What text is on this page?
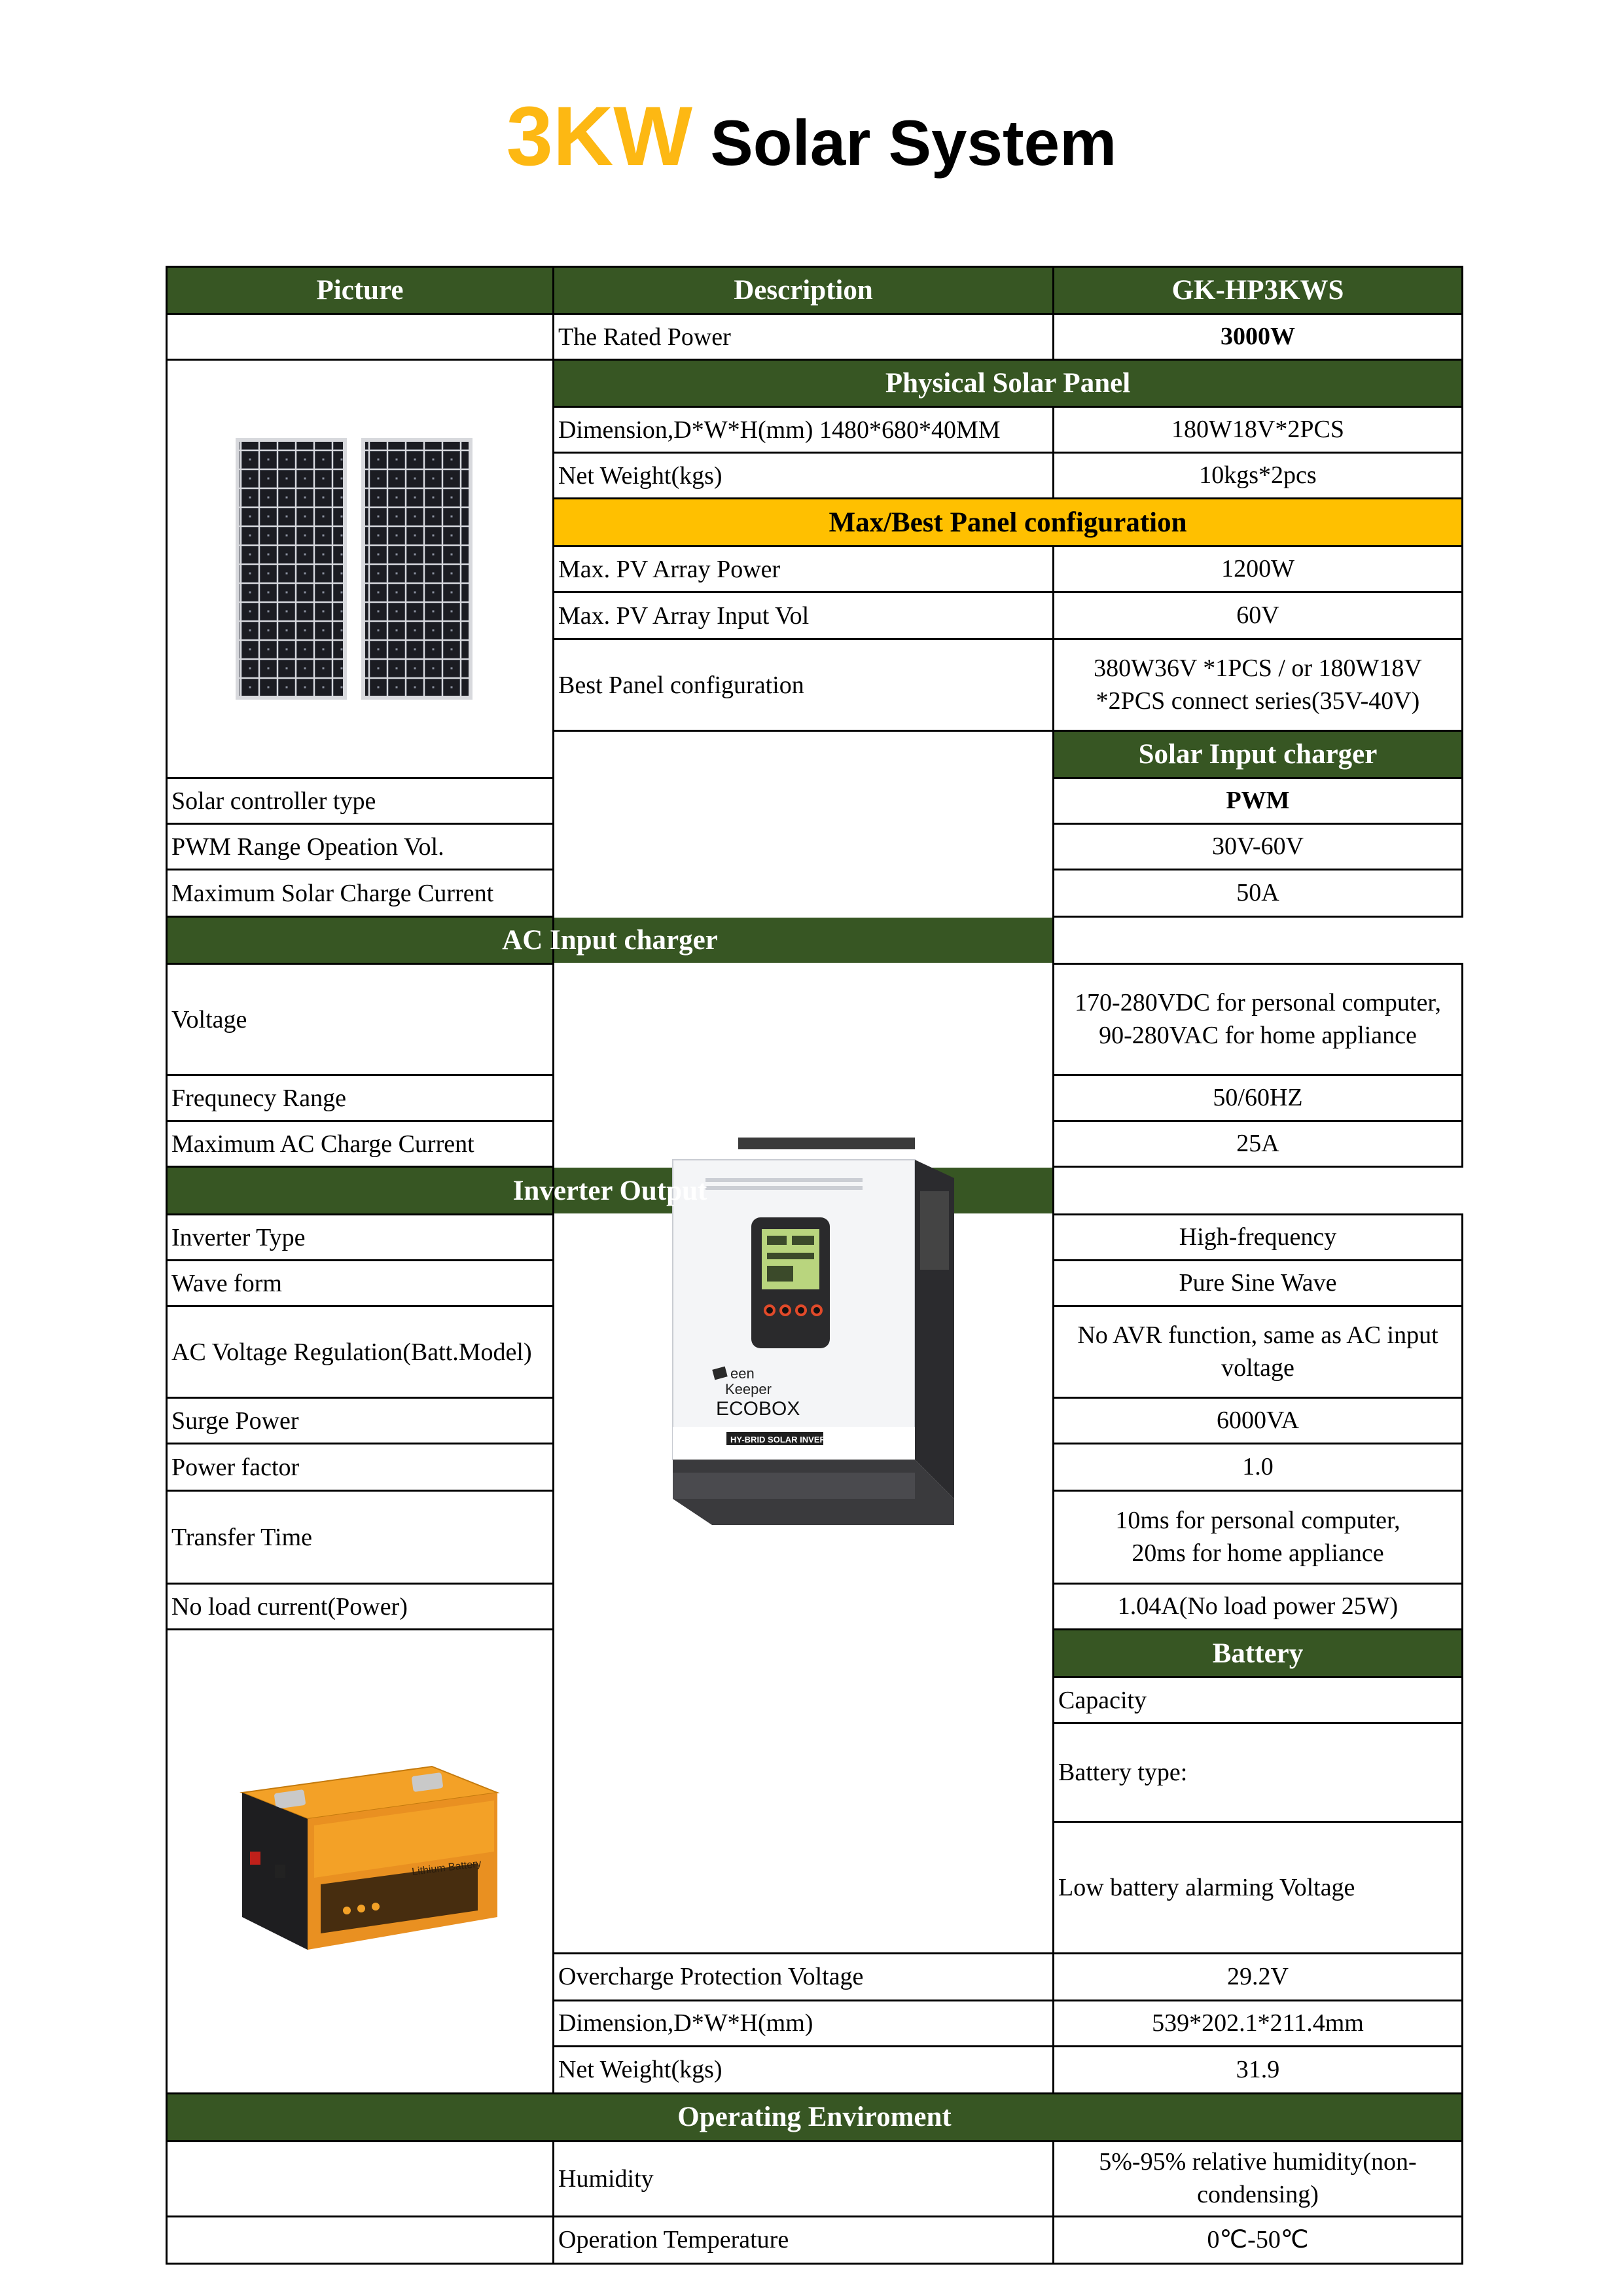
3KW Solar System
Picture	Description	GK-HP3KWS	
	The Rated Power	3000W	

	Physical Solar Panel		
	Dimension,D*W*H(mm) 1480*680*40MM	180W18V*2PCS	
	Net Weight(kgs)	10kgs*2pcs	
	Max/Best Panel configuration		
	Max. PV Array Power	1200W	
	Max. PV Array Input Vol	60V	
	Best Panel configuration	380W36V *1PCS / or 180W18V
*2PCS connect series(35V-40V)	

een
Keeper
ECOBOX
HY-BRID SOLAR INVERTER	Solar Input charger	
Solar controller type		PWM	
PWM Range Opeation Vol.		30V-60V	
Maximum Solar Charge Current		50A	
AC Input charger			
Voltage		170-280VDC for personal computer,
90-280VAC for home appliance	

Frequnecy Range		50/60HZ	
Maximum AC Charge Current		25A	
Inverter Output			
Inverter Type		High-frequency	
Wave form		Pure Sine Wave	
AC Voltage Regulation(Batt.Model)		No AVR function, same as AC input
voltage	

Surge Power		6000VA	
Power factor		1.0	
Transfer Time		10ms for personal computer,
20ms for home appliance	

No load current(Power)		1.04A(No load power 25W)	

Lithium Battery		Battery	
		Capacity	
		Battery type:	
		Low battery alarming Voltage	

	Overcharge Protection Voltage	29.2V	
	Dimension,D*W*H(mm)	539*202.1*211.4mm	
	Net Weight(kgs)	31.9	
Operating Enviroment			
	Humidity	5%-95% relative humidity(non-
condensing)	

	Operation Temperature	0℃-50℃	
